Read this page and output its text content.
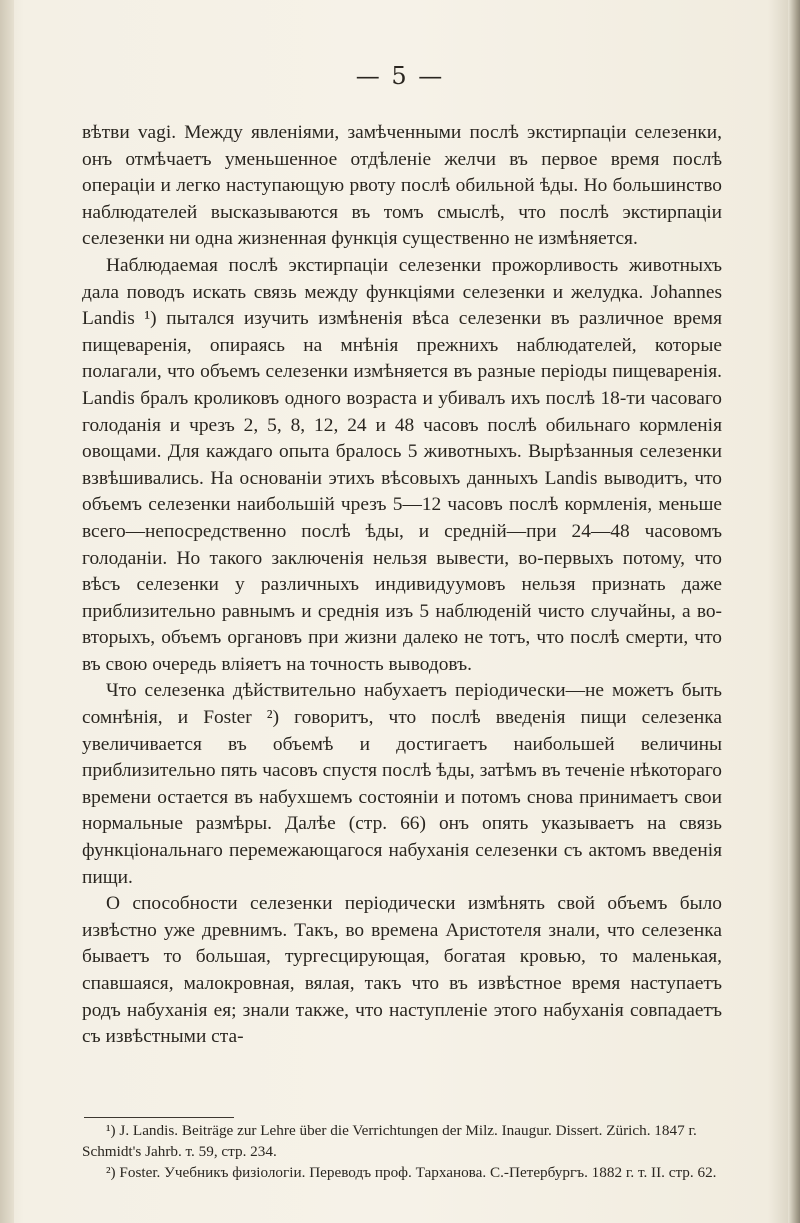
— 5 —

вѣтви vagi. Между явленіями, замѣченными послѣ экстирпаціи селезенки, онъ отмѣчаетъ уменьшенное отдѣленіе желчи въ первое время послѣ операціи и легко наступающую рвоту послѣ обильной ѣды. Но большинство наблюдателей высказываются въ томъ смыслѣ, что послѣ экстирпаціи селезенки ни одна жизненная функція существенно не измѣняется.

Наблюдаемая послѣ экстирпаціи селезенки прожорливость животныхъ дала поводъ искать связь между функціями селезенки и желудка. Johannes Landis ¹) пытался изучить измѣненія вѣса селезенки въ различное время пищеваренія, опираясь на мнѣнія прежнихъ наблюдателей, которые полагали, что объемъ селезенки измѣняется въ разные періоды пищеваренія. Landis бралъ кроликовъ одного возраста и убивалъ ихъ послѣ 18-ти часоваго голоданія и чрезъ 2, 5, 8, 12, 24 и 48 часовъ послѣ обильнаго кормленія овощами. Для каждаго опыта бралось 5 животныхъ. Вырѣзанныя селезенки взвѣшивались. На основаніи этихъ вѣсовыхъ данныхъ Landis выводитъ, что объемъ селезенки наибольшій чрезъ 5—12 часовъ послѣ кормленія, меньше всего—непосредственно послѣ ѣды, и средній—при 24—48 часовомъ голоданіи. Но такого заключенія нельзя вывести, во-первыхъ потому, что вѣсъ селезенки у различныхъ индивидуумовъ нельзя признать даже приблизительно равнымъ и среднія изъ 5 наблюденій чисто случайны, а во-вторыхъ, объемъ органовъ при жизни далеко не тотъ, что послѣ смерти, что въ свою очередь вліяетъ на точность выводовъ.

Что селезенка дѣйствительно набухаетъ періодически—не можетъ быть сомнѣнія, и Foster ²) говоритъ, что послѣ введенія пищи селезенка увеличивается въ объемѣ и достигаетъ наибольшей величины приблизительно пять часовъ спустя послѣ ѣды, затѣмъ въ теченіе нѣкотораго времени остается въ набухшемъ состояніи и потомъ снова принимаетъ свои нормальные размѣры. Далѣе (стр. 66) онъ опять указываетъ на связь функціональнаго перемежающагося набуханія селезенки съ актомъ введенія пищи.

О способности селезенки періодически измѣнять свой объемъ было извѣстно уже древнимъ. Такъ, во времена Аристотеля знали, что селезенка бываетъ то большая, тургесцирующая, богатая кровью, то маленькая, спавшаяся, малокровная, вялая, такъ что въ извѣстное время наступаетъ родъ набуханія ея; знали также, что наступленіе этого набуханія совпадаетъ съ извѣстными ста-

¹) J. Landis. Beiträge zur Lehre über die Verrichtungen der Milz. Inaugur. Dissert. Zürich. 1847 г. Schmidt's Jahrb. т. 59, стр. 234.

²) Foster. Учебникъ физіологіи. Переводъ проф. Тарханова. С.-Петербургъ. 1882 г. т. II. стр. 62.
